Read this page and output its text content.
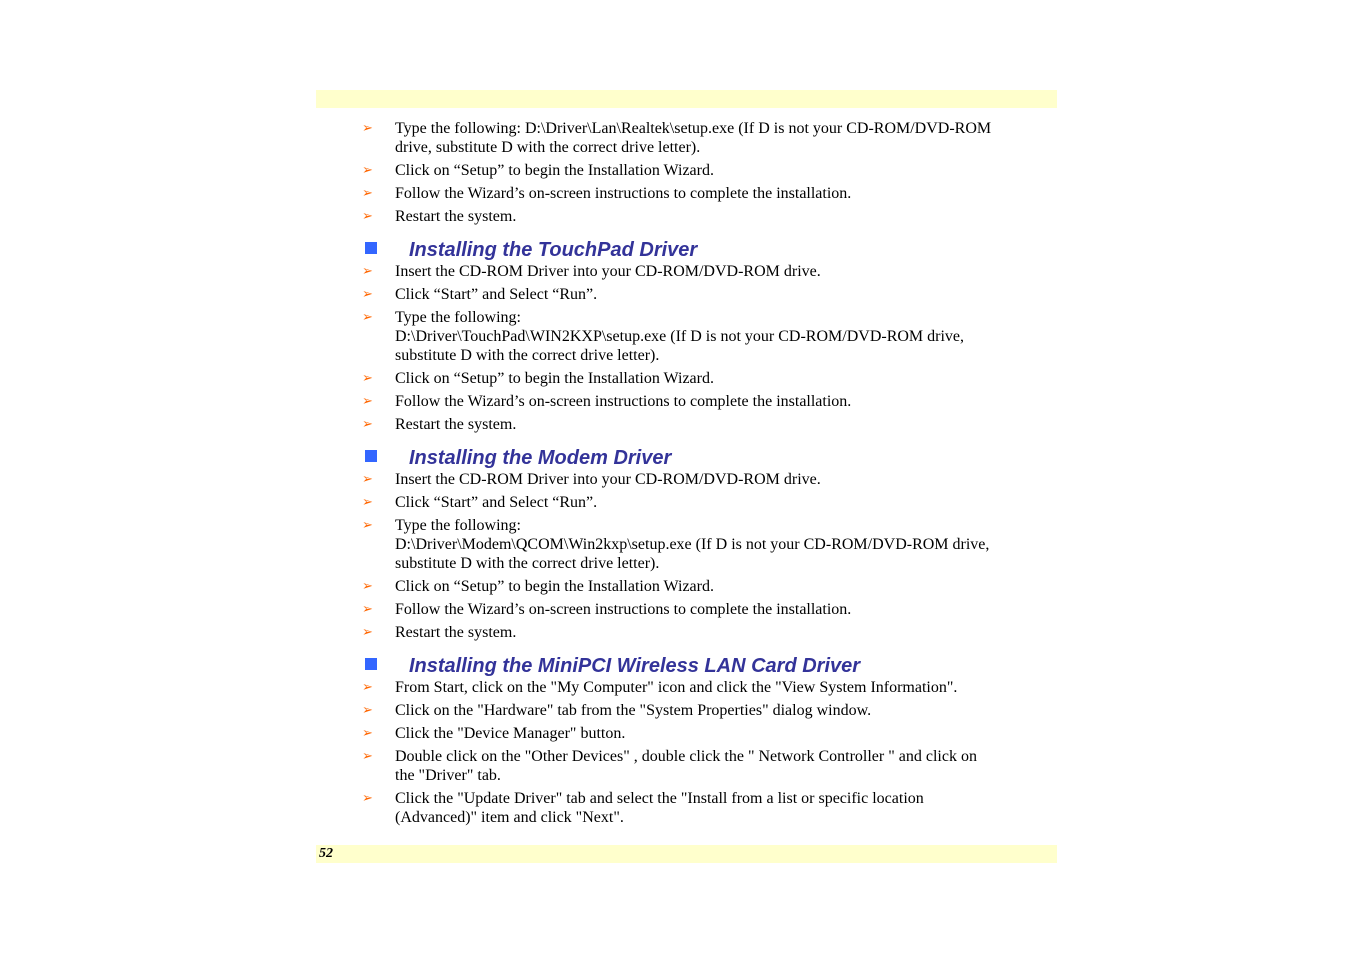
➢ Type the following: D:\Driver\Lan\Realtek\setup.exe (If D is not your CD-ROM/DVD-ROM
drive, substitute D with the correct drive letter).
➢ Click on “Setup” to begin the Installation Wizard.
➢ Follow the Wizard’s on-screen instructions to complete the installation.
➢ Restart the system.
Installing the TouchPad Driver
➢ Insert the CD-ROM Driver into your CD-ROM/DVD-ROM drive.
➢ Click “Start” and Select “Run”.
➢ Type the following:
D:\Driver\TouchPad\WIN2KXP\setup.exe (If D is not your CD-ROM/DVD-ROM drive,
substitute D with the correct drive letter).
➢ Click on “Setup” to begin the Installation Wizard.
➢ Follow the Wizard’s on-screen instructions to complete the installation.
➢ Restart the system.
Installing the Modem Driver
➢ Insert the CD-ROM Driver into your CD-ROM/DVD-ROM drive.
➢ Click “Start” and Select “Run”.
➢ Type the following:
D:\Driver\Modem\QCOM\Win2kxp\setup.exe (If D is not your CD-ROM/DVD-ROM drive,
substitute D with the correct drive letter).
➢ Click on “Setup” to begin the Installation Wizard.
➢ Follow the Wizard’s on-screen instructions to complete the installation.
➢ Restart the system.
Installing the MiniPCI Wireless LAN Card Driver
➢ From Start, click on the "My Computer" icon and click the "View System Information".
➢ Click on the "Hardware" tab from the "System Properties" dialog window.
➢ Click the "Device Manager" button.
➢ Double click on the "Other Devices" , double click the " Network Controller " and click on
the "Driver" tab.
➢ Click the "Update Driver" tab and select the "Install from a list or specific location
(Advanced)" item and click "Next".
52
